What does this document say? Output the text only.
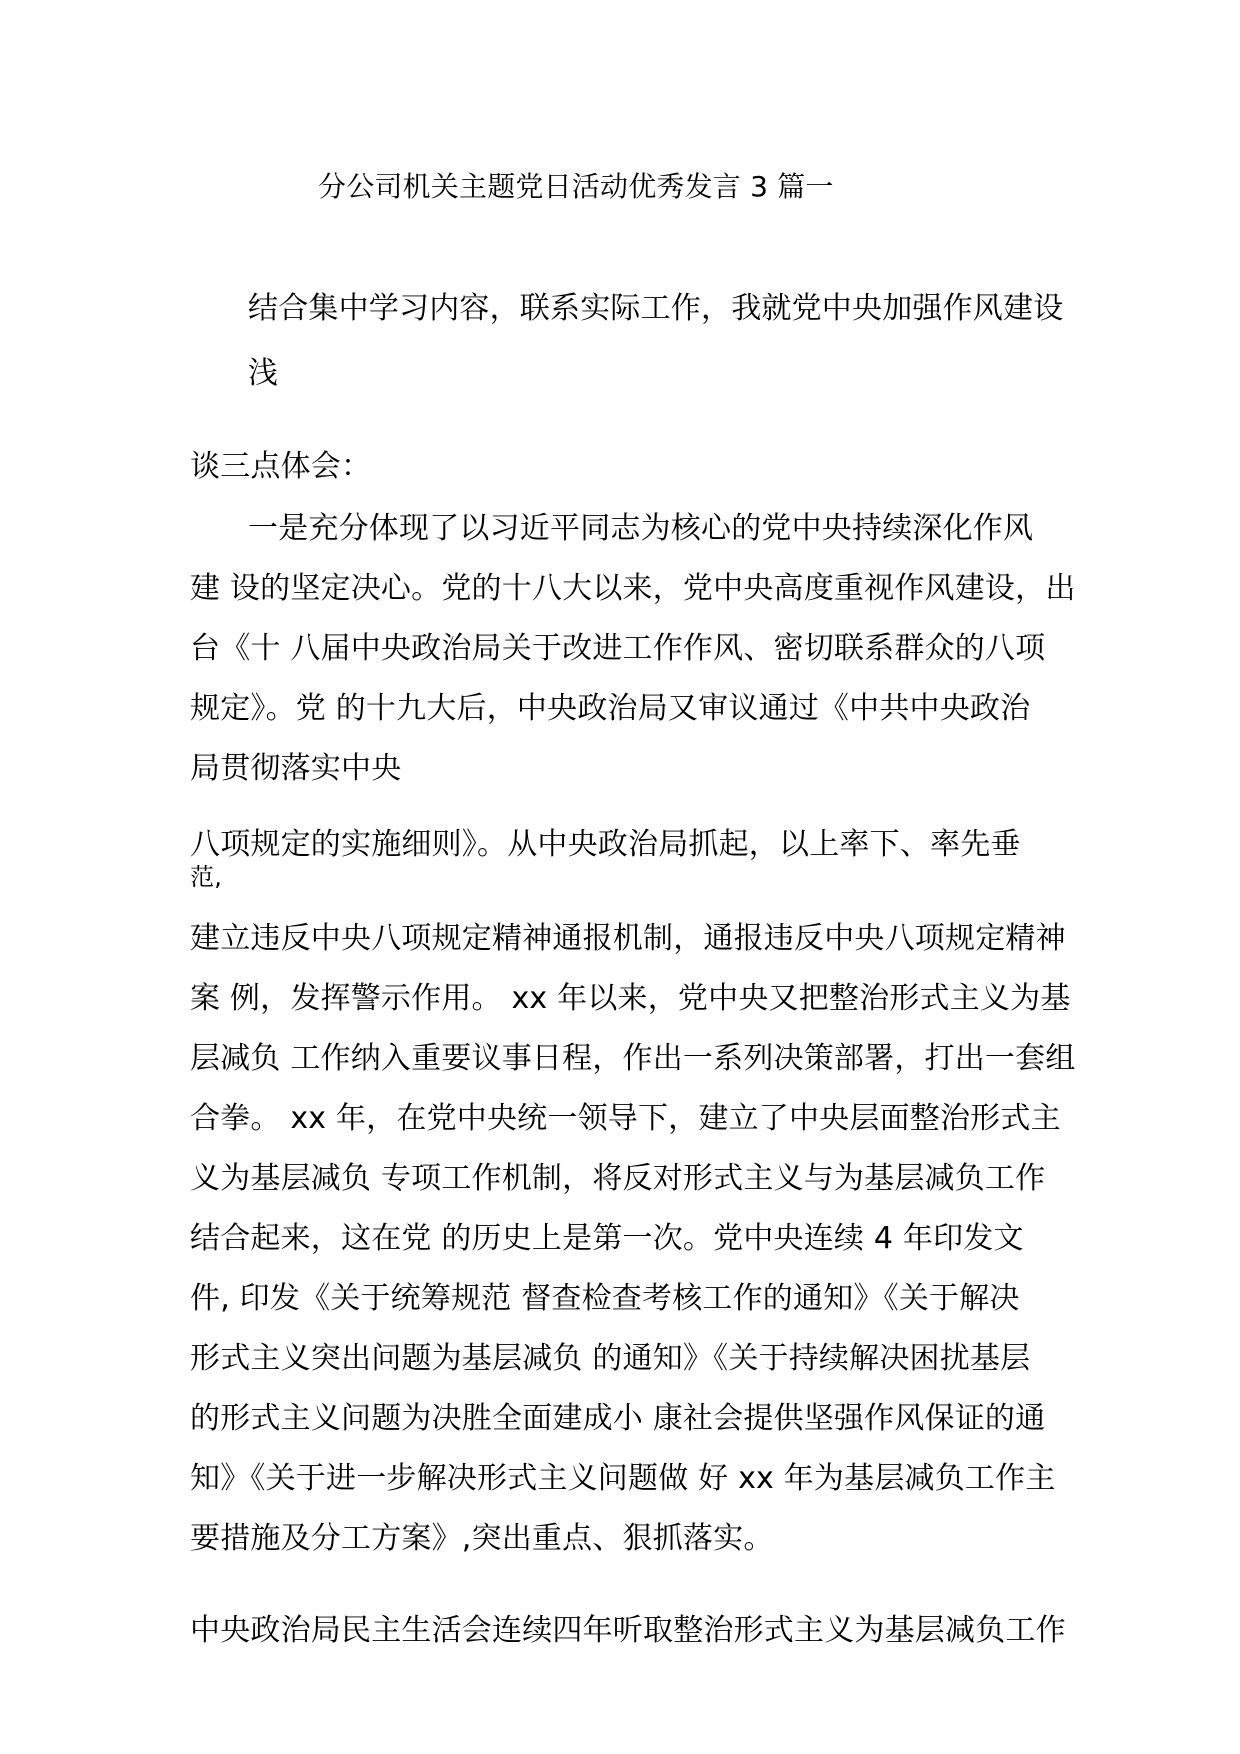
分公司机关主题党日活动优秀发言 3 篇一
结合集中学习内容，联系实际工作，我就党中央加强作风建设
浅
谈三点体会：
一是充分体现了以习近平同志为核心的党中央持续深化作风
建 设的坚定决心。党的十八大以来，党中央高度重视作风建设，出
台《十 八届中央政治局关于改进工作作风、密切联系群众的八项
规定》。党 的十九大后，中央政治局又审议通过《中共中央政治
局贯彻落实中央
八项规定的实施细则》。从中央政治局抓起，以上率下、率先垂
范,
建立违反中央八项规定精神通报机制，通报违反中央八项规定精神
案 例，发挥警示作用。 xx 年以来，党中央又把整治形式主义为基
层减负 工作纳入重要议事日程，作出一系列决策部署，打出一套组
合拳。 xx 年，在党中央统一领导下，建立了中央层面整治形式主
义为基层减负 专项工作机制，将反对形式主义与为基层减负工作
结合起来，这在党 的历史上是第一次。党中央连续 4 年印发文
件, 印发《关于统筹规范 督查检查考核工作的通知》《关于解决
形式主义突出问题为基层减负 的通知》《关于持续解决困扰基层
的形式主义问题为决胜全面建成小 康社会提供坚强作风保证的通
知》《关于进一步解决形式主义问题做 好 xx 年为基层减负工作主
要措施及分工方案》,突出重点、狠抓落实。
中央政治局民主生活会连续四年听取整治形式主义为基层减负工作
